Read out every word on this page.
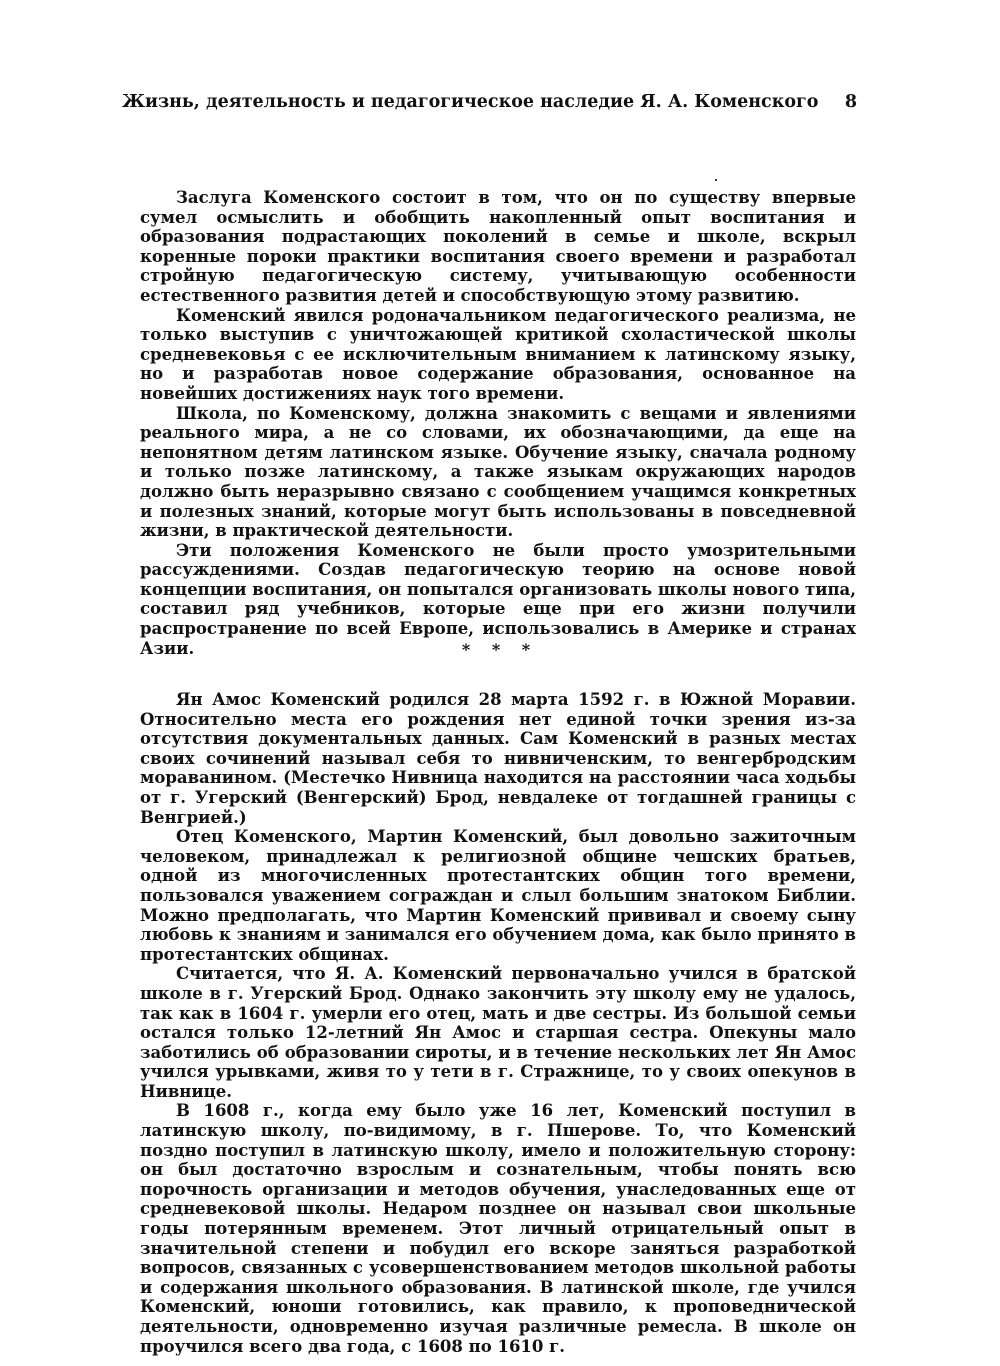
Жизнь, деятельность и педагогическое наследие Я. А. Коменского 8

Заслуга Коменского состоит в том, что он по существу впервые сумел осмыслить и обобщить накопленный опыт воспитания и образования подрастающих поколений в семье и школе, вскрыл коренные пороки практики воспитания своего времени и разработал стройную педагогическую систему, учитывающую особенности естественного развития детей и способствующую этому развитию.

Коменский явился родоначальником педагогического реализма, не только выступив с уничтожающей критикой схоластической школы средневековья с ее исключительным вниманием к латинскому языку, но и разработав новое содержание образования, основанное на новейших достижениях наук того времени.

Школа, по Коменскому, должна знакомить с вещами и явлениями реального мира, а не со словами, их обозначающими, да еще на непонятном детям латинском языке. Обучение языку, сначала родному и только позже латинскому, а также языкам окружающих народов должно быть неразрывно связано с сообщением учащимся конкретных и полезных знаний, которые могут быть использованы в повседневной жизни, в практической деятельности.

Эти положения Коменского не были просто умозрительными рассуждениями. Создав педагогическую теорию на основе новой концепции воспитания, он попытался организовать школы нового типа, составил ряд учебников, которые еще при его жизни получили распространение по всей Европе, использовались в Америке и странах Азии.	* * *

Ян Амос Коменский родился 28 марта 1592 г. в Южной Моравии. Относительно места его рождения нет единой точки зрения из-за отсутствия документальных данных. Сам Коменский в разных местах своих сочинений называл себя то нивниченским, то венгербродским мораванином. (Местечко Нивница находится на расстоянии часа ходьбы от г. Угерский (Венгерский) Брод, невдалеке от тогдашней границы с Венгрией.)

Отец Коменского, Мартин Коменский, был довольно зажиточным человеком, принадлежал к религиозной общине чешских братьев, одной из многочисленных протестантских общин того времени, пользовался уважением сограждан и слыл большим знатоком Библии. Можно предполагать, что Мартин Коменский прививал и своему сыну любовь к знаниям и занимался его обучением дома, как было принято в протестантских общинах.

Считается, что Я. А. Коменский первоначально учился в братской школе в г. Угерский Брод. Однако закончить эту школу ему не удалось, так как в 1604 г. умерли его отец, мать и две сестры. Из большой семьи остался только 12-летний Ян Амос и старшая сестра. Опекуны мало заботились об образовании сироты, и в течение нескольких лет Ян Амос учился урывками, живя то у тети в г. Стражнице, то у своих опекунов в Нивнице.

В 1608 г., когда ему было уже 16 лет, Коменский поступил в латинскую школу, по-видимому, в г. Пшерове. То, что Коменский поздно поступил в латинскую школу, имело и положительную сторону: он был достаточно взрослым и сознательным, чтобы понять всю порочность организации и методов обучения, унаследованных еще от средневековой школы. Недаром позднее он называл свои школьные годы потерянным временем. Этот личный отрицательный опыт в значительной степени и побудил его вскоре заняться разработкой вопросов, связанных с усовершенствованием методов школьной работы и содержания школьного образования. В латинской школе, где учился Коменский, юноши готовились, как правило, к проповеднической деятельности, одновременно изучая различные ремесла. В школе он проучился всего два года, с 1608 по 1610 г.
